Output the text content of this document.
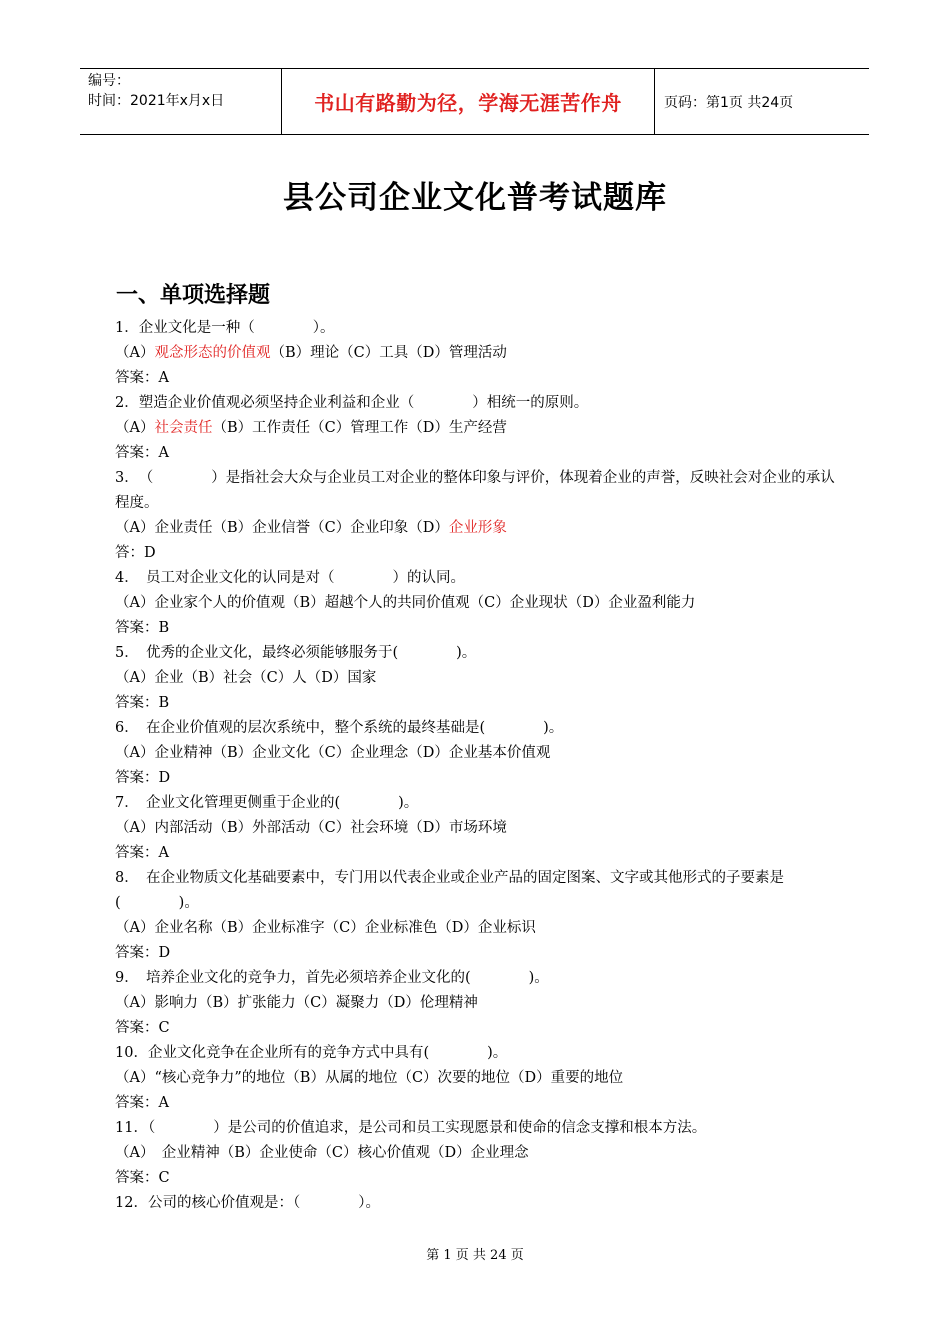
编号：
时间：2021年x月x日	书山有路勤为径，学海无涯苦作舟	页码：第1页 共24页
县公司企业文化普考试题库
一、单项选择题
1．企业文化是一种（　　　　）。
（A）观念形态的价值观（B）理论（C）工具（D）管理活动
答案：A
2．塑造企业价值观必须坚持企业利益和企业（　　　　）相统一的原则。
（A）社会责任（B）工作责任（C）管理工作（D）生产经营
答案：A
3．　（　　　　）是指社会大众与企业员工对企业的整体印象与评价，体现着企业的声誉，反映社会对企业的承认程度。
（A）企业责任（B）企业信誉（C）企业印象（D）企业形象
答：D
4．　员工对企业文化的认同是对（　　　　）的认同。
（A）企业家个人的价值观（B）超越个人的共同价值观（C）企业现状（D）企业盈利能力
答案：B
5．　优秀的企业文化，最终必须能够服务于(　　　　)。
（A）企业（B）社会（C）人（D）国家
答案：B
6．　在企业价值观的层次系统中，整个系统的最终基础是(　　　　)。
（A）企业精神（B）企业文化（C）企业理念（D）企业基本价值观
答案：D
7．　企业文化管理更侧重于企业的(　　　　)。
（A）内部活动（B）外部活动（C）社会环境（D）市场环境
答案：A
8．　在企业物质文化基础要素中，专门用以代表企业或企业产品的固定图案、文字或其他形式的子要素是(　　　　)。
（A）企业名称（B）企业标准字（C）企业标准色（D）企业标识
答案：D
9．　培养企业文化的竞争力，首先必须培养企业文化的(　　　　)。
（A）影响力（B）扩张能力（C）凝聚力（D）伦理精神
答案：C
10．企业文化竞争在企业所有的竞争方式中具有(　　　　)。
（A）“核心竞争力”的地位（B）从属的地位（C）次要的地位（D）重要的地位
答案：A
11．（　　　　）是公司的价值追求，是公司和员工实现愿景和使命的信念支撑和根本方法。
（A）　企业精神（B）企业使命（C）核心价值观（D）企业理念
答案：C
12．公司的核心价值观是：（　　　　）。
第 1 页 共 24 页
